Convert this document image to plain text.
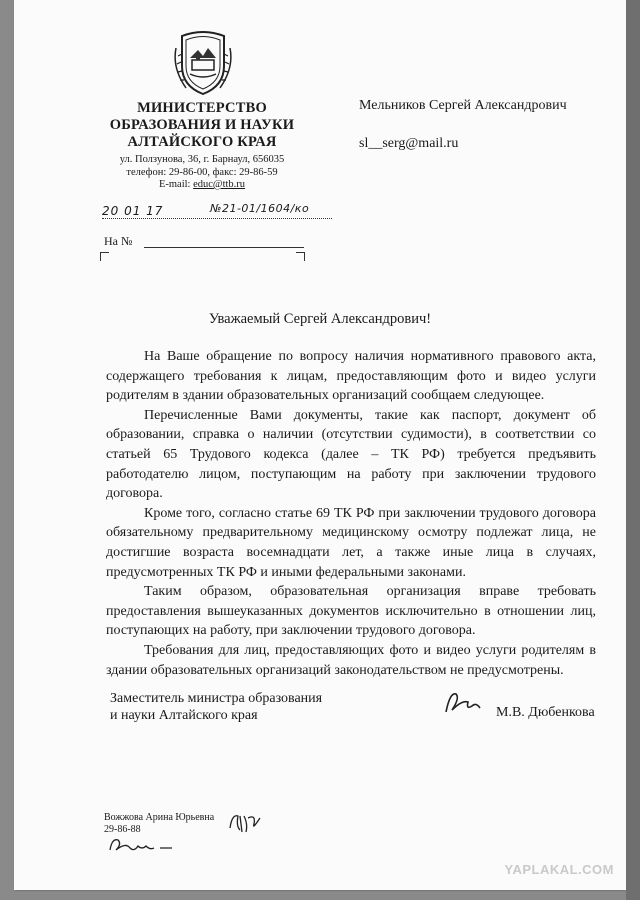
МИНИСТЕРСТВО
ОБРАЗОВАНИЯ И НАУКИ
АЛТАЙСКОГО КРАЯ
ул. Ползунова, 36, г. Барнаул, 656035
телефон: 29-86-00, факс: 29-86-59
E-mail: educ@ttb.ru
Мельников Сергей Александрович
sl__serg@mail.ru
20 01 17	№21-01/1604/ко
На №
Уважаемый Сергей Александрович!

На Ваше обращение по вопросу наличия нормативного правового акта, содержащего требования к лицам, предоставляющим фото и видео услуги родителям в здании образовательных организаций сообщаем следующее.

Перечисленные Вами документы, такие как паспорт, документ об образовании, справка о наличии (отсутствии судимости), в соответствии со статьей 65 Трудового кодекса (далее – ТК РФ) требуется предъявить работодателю лицом, поступающим на работу при заключении трудового договора.

Кроме того, согласно статье 69 ТК РФ при заключении трудового договора обязательному предварительному медицинскому осмотру подлежат лица, не достигшие возраста восемнадцати лет, а также иные лица в случаях, предусмотренных ТК РФ и иными федеральными законами.

Таким образом, образовательная организация вправе требовать предоставления вышеуказанных документов исключительно в отношении лиц, поступающих на работу, при заключении трудового договора.

Требования для лиц, предоставляющих фото и видео услуги родителям в здании образовательных организаций законодательством не предусмотрены.

Заместитель министра образования
и науки Алтайского края	М.В. Дюбенкова
Вожжова Арина Юрьевна
29-86-88
YAPLAKAL.COM
